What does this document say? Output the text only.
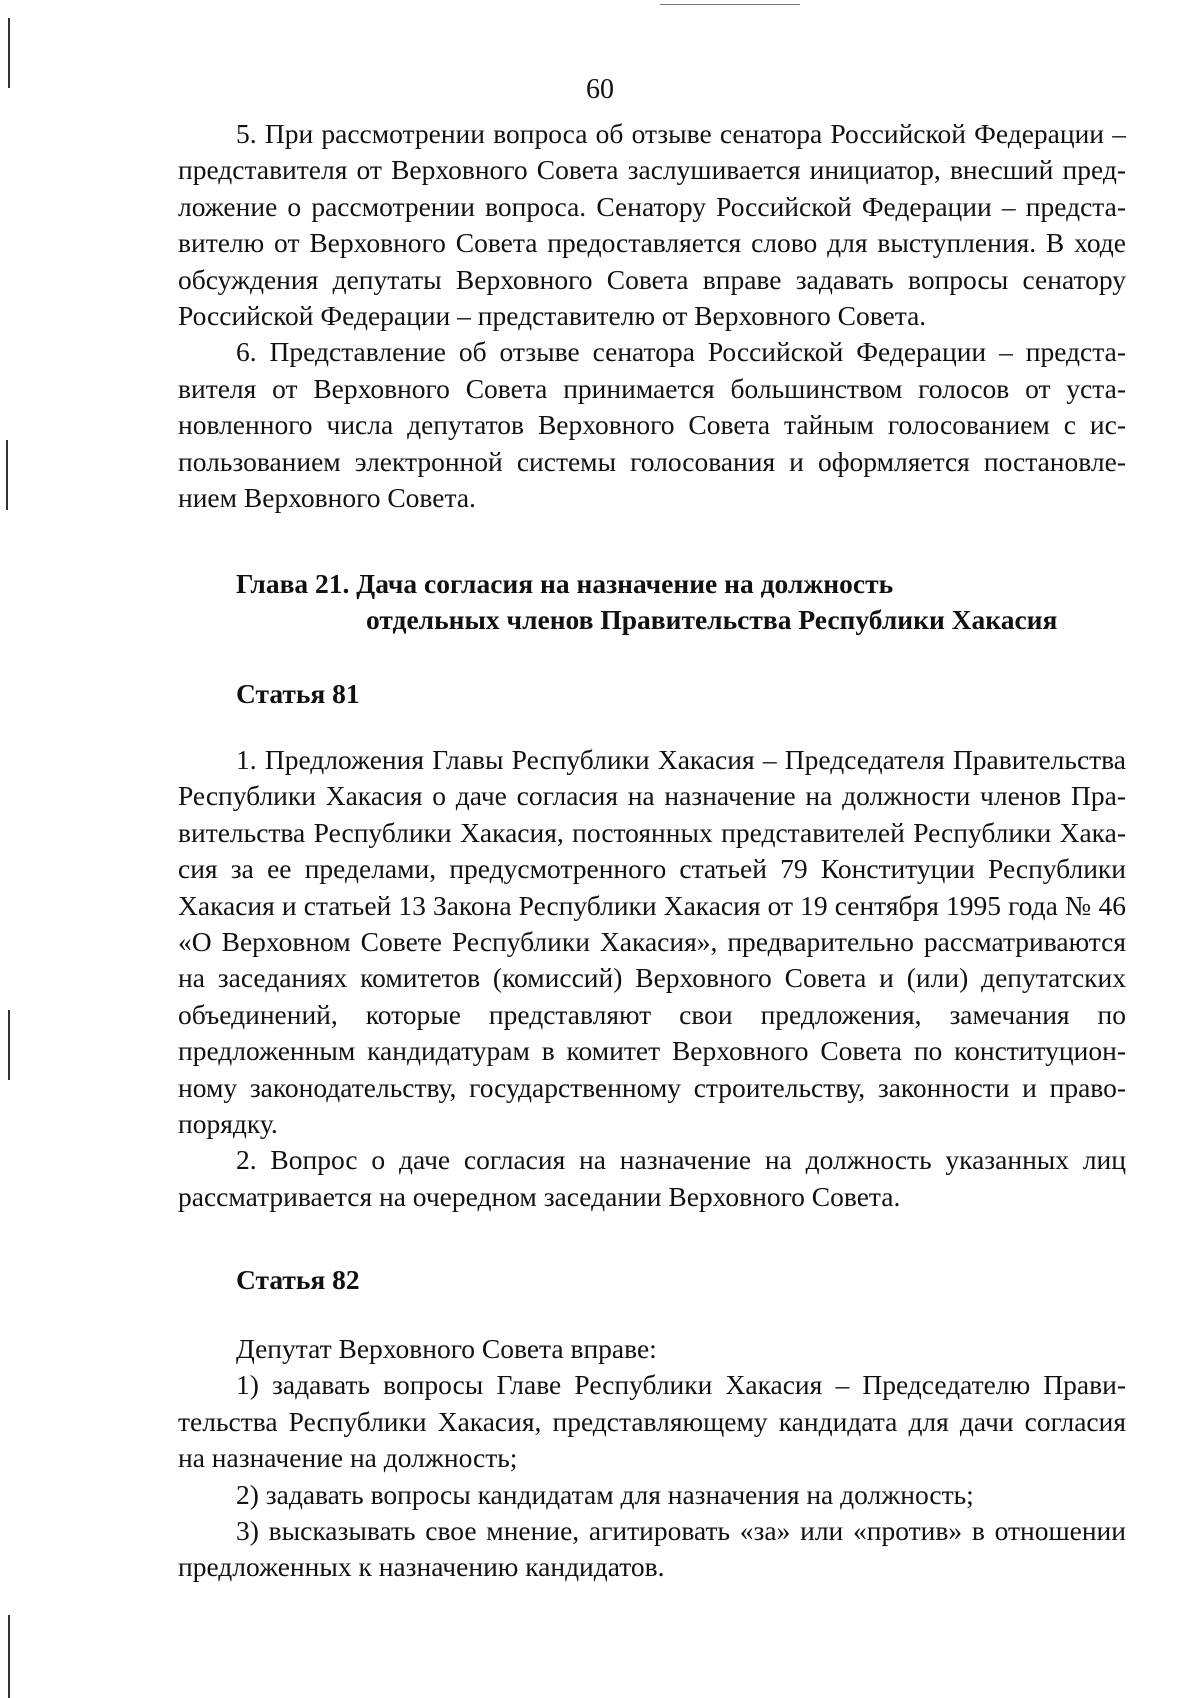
60

5. При рассмотрении вопроса об отзыве сенатора Российской Федерации – представителя от Верховного Совета заслушивается инициатор, внесший предложение о рассмотрении вопроса. Сенатору Российской Федерации – представителю от Верховного Совета предоставляется слово для выступления. В ходе обсуждения депутаты Верховного Совета вправе задавать вопросы сенатору Российской Федерации – представителю от Верховного Совета.

6. Представление об отзыве сенатора Российской Федерации – представителя от Верховного Совета принимается большинством голосов от установленного числа депутатов Верховного Совета тайным голосованием с использованием электронной системы голосования и оформляется постановлением Верховного Совета.

Глава 21. Дача согласия на назначение на должность
отдельных членов Правительства Республики Хакасия
Статья 81

1. Предложения Главы Республики Хакасия – Председателя Правительства Республики Хакасия о даче согласия на назначение на должности членов Правительства Республики Хакасия, постоянных представителей Республики Хакасия за ее пределами, предусмотренного статьей 79 Конституции Республики Хакасия и статьей 13 Закона Республики Хакасия от 19 сентября 1995 года № 46 «О Верховном Совете Республики Хакасия», предварительно рассматриваются на заседаниях комитетов (комиссий) Верховного Совета и (или) депутатских объединений, которые представляют свои предложения, замечания по предложенным кандидатурам в комитет Верховного Совета по конституционному законодательству, государственному строительству, законности и правопорядку.

2. Вопрос о даче согласия на назначение на должность указанных лиц рассматривается на очередном заседании Верховного Совета.

Статья 82

Депутат Верховного Совета вправе:

1) задавать вопросы Главе Республики Хакасия – Председателю Правительства Республики Хакасия, представляющему кандидата для дачи согласия на назначение на должность;

2) задавать вопросы кандидатам для назначения на должность;

3) высказывать свое мнение, агитировать «за» или «против» в отношении предложенных к назначению кандидатов.
